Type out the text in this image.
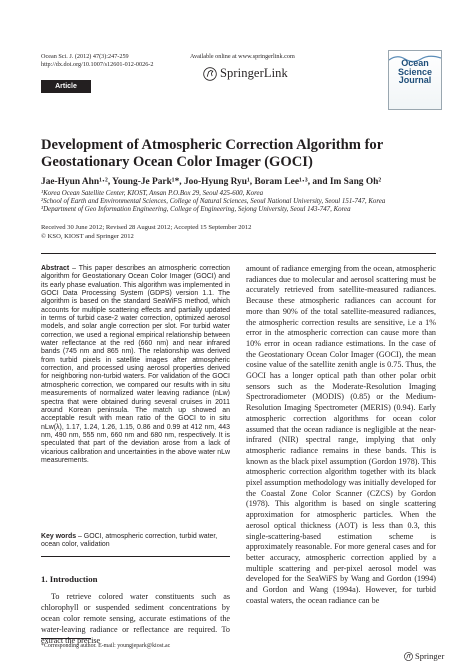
Ocean Sci. J. (2012) 47(3):247-259
http://dx.doi.org/10.1007/s12601-012-0026-2
Available online at www.springerlink.com
SpringerLink
Article
Ocean
Science
Journal
Development of Atmospheric Correction Algorithm for Geostationary Ocean Color Imager (GOCI)
Jae-Hyun Ahn¹·², Young-Je Park¹*, Joo-Hyung Ryu¹, Boram Lee¹·³, and Im Sang Oh²
¹Korea Ocean Satellite Center, KIOST, Ansan P.O.Box 29, Seoul 425-600, Korea
²School of Earth and Environmental Sciences, College of Natural Sciences, Seoul National University, Seoul 151-747, Korea
³Department of Geo Information Engineering, College of Engineering, Sejong University, Seoul 143-747, Korea
Received 30 June 2012; Revised 28 August 2012; Accepted 15 September 2012
© KSO, KIOST and Springer 2012
Abstract – This paper describes an atmospheric correction algorithm for Geostationary Ocean Color Imager (GOCI) and its early phase evaluation. This algorithm was implemented in GOCI Data Processing System (GDPS) version 1.1. The algorithm is based on the standard SeaWiFS method, which accounts for multiple scattering effects and partially updated in terms of turbid case-2 water correction, optimized aerosol models, and solar angle correction per slot. For turbid water correction, we used a regional empirical relationship between water reflectance at the red (660 nm) and near infrared bands (745 nm and 865 nm). The relationship was derived from turbid pixels in satellite images after atmospheric correction, and processed using aerosol properties derived for neighboring non-turbid waters. For validation of the GOCI atmospheric correction, we compared our results with in situ measurements of normalized water leaving radiance (nLw) spectra that were obtained during several cruises in 2011 around Korean peninsula. The match up showed an acceptable result with mean ratio of the GOCI to in situ nLw(λ), 1.17, 1.24, 1.26, 1.15, 0.86 and 0.99 at 412 nm, 443 nm, 490 nm, 555 nm, 660 nm and 680 nm, respectively. It is speculated that part of the deviation arose from a lack of vicarious calibration and uncertainties in the above water nLw measurements.
Key words – GOCI, atmospheric correction, turbid water, ocean color, validation
1. Introduction
To retrieve colored water constituents such as chlorophyll or suspended sediment concentrations by ocean color remote sensing, accurate estimations of the water-leaving radiance or reflectance are required. To extract the precise
*Corresponding author. E-mail: youngjepark@kiost.ac
amount of radiance emerging from the ocean, atmospheric radiances due to molecular and aerosol scattering must be accurately retrieved from satellite-measured radiances. Because these atmospheric radiances can account for more than 90% of the total satellite-measured radiances, the atmospheric correction results are sensitive, i.e a 1% error in the atmospheric correction can cause more than 10% error in ocean radiance estimations. In the case of the Geostationary Ocean Color Imager (GOCI), the mean cosine value of the satellite zenith angle is 0.75. Thus, the GOCI has a longer optical path than other polar orbit sensors such as the Moderate-Resolution Imaging Spectroradiometer (MODIS) (0.85) or the Medium-Resolution Imaging Spectrometer (MERIS) (0.94). Early atmospheric correction algorithms for ocean color assumed that the ocean radiance is negligible at the near-infrared (NIR) spectral range, implying that only atmospheric radiance remains in these bands. This is known as the black pixel assumption (Gordon 1978). This atmospheric correction algorithm together with its black pixel assumption methodology was initially developed for the Coastal Zone Color Scanner (CZCS) by Gordon (1978). This algorithm is based on single scattering approximation for atmospheric particles. When the aerosol optical thickness (AOT) is less than 0.3, this single-scattering-based estimation scheme is approximately reasonable. For more general cases and for better accuracy, atmospheric correction applied by a multiple scattering and per-pixel aerosol model was developed for the SeaWiFS by Wang and Gordon (1994) and Gordon and Wang (1994a). However, for turbid coastal waters, the ocean radiance can be
Springer
